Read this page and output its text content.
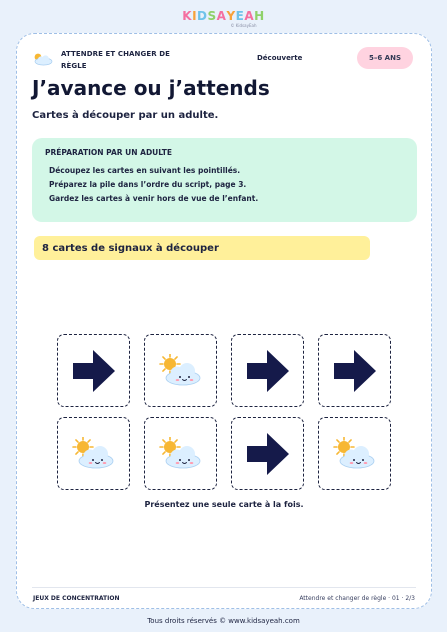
KIDSAYEAH
© KidsayEah
ATTENDRE ET CHANGER DE RÈGLE
Découverte	5–6 ANS
J’avance ou j’attends
Cartes à découper par un adulte.
PRÉPARATION PAR UN ADULTE
Découpez les cartes en suivant les pointillés.
Préparez la pile dans l’ordre du script, page 3.
Gardez les cartes à venir hors de vue de l’enfant.
8 cartes de signaux à découper
Présentez une seule carte à la fois.
JEUX DE CONCENTRATION	Attendre et changer de règle · 01 · 2/3
Tous droits réservés © www.kidsayeah.com
